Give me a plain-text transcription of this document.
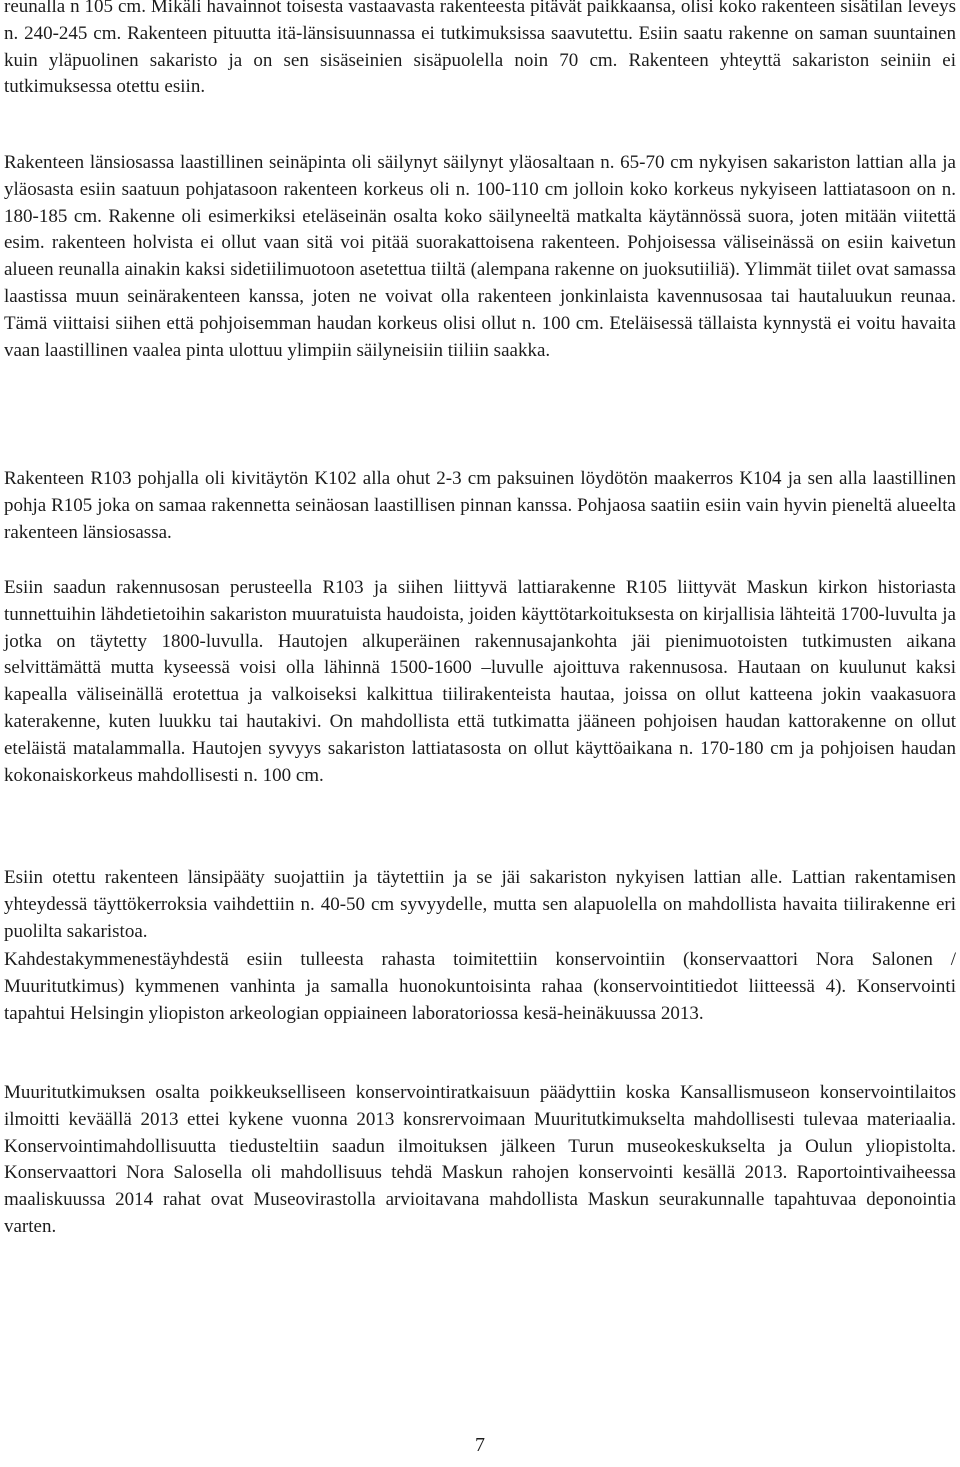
reunalla n 105 cm. Mikäli havainnot toisesta vastaavasta rakenteesta pitävät paikkaansa, olisi koko rakenteen sisätilan leveys n. 240-245 cm. Rakenteen pituutta itä-länsisuunnassa ei tutkimuksissa saavutettu. Esiin saatu rakenne on saman suuntainen kuin yläpuolinen sakaristo ja on sen sisäseinien sisäpuolella noin 70 cm. Rakenteen yhteyttä sakariston seiniin ei tutkimuksessa otettu esiin.

Rakenteen länsiosassa laastillinen seinäpinta oli säilynyt säilynyt yläosaltaan n. 65-70 cm nykyisen sakariston lattian alla ja yläosasta esiin saatuun pohjatasoon rakenteen korkeus oli n. 100-110 cm jolloin koko korkeus nykyiseen lattiatasoon on n. 180-185 cm. Rakenne oli esimerkiksi eteläseinän osalta koko säilyneeltä matkalta käytännössä suora, joten mitään viitettä esim. rakenteen holvista ei ollut vaan sitä voi pitää suorakattoisena rakenteen. Pohjoisessa väliseinässä on esiin kaivetun alueen reunalla ainakin kaksi sidetiilimuotoon asetettua tiiltä (alempana rakenne on juoksutiiliä). Ylimmät tiilet ovat samassa laastissa muun seinärakenteen kanssa, joten ne voivat olla rakenteen jonkinlaista kavennusosaa tai hautaluukun reunaa. Tämä viittaisi siihen että pohjoisemman haudan korkeus olisi ollut n. 100 cm. Eteläisessä tällaista kynnystä ei voitu havaita vaan laastillinen vaalea pinta ulottuu ylimpiin säilyneisiin tiiliin saakka.

Rakenteen R103 pohjalla oli kivitäytön K102 alla ohut 2-3 cm paksuinen löydötön maakerros K104 ja sen alla laastillinen pohja R105 joka on samaa rakennetta seinäosan laastillisen pinnan kanssa. Pohjaosa saatiin esiin vain hyvin pieneltä alueelta rakenteen länsiosassa.

Esiin saadun rakennusosan perusteella R103 ja siihen liittyvä lattiarakenne R105 liittyvät Maskun kirkon historiasta tunnettuihin lähdetietoihin sakariston muuratuista haudoista, joiden käyttötarkoituksesta on kirjallisia lähteitä 1700-luvulta ja jotka on täytetty 1800-luvulla. Hautojen alkuperäinen rakennusajankohta jäi pienimuotoisten tutkimusten aikana selvittämättä mutta kyseessä voisi olla lähinnä 1500-1600 –luvulle ajoittuva rakennusosa. Hautaan on kuulunut kaksi kapealla väliseinällä erotettua ja valkoiseksi kalkittua tiilirakenteista hautaa, joissa on ollut katteena jokin vaakasuora katerakenne, kuten luukku tai hautakivi. On mahdollista että tutkimatta jääneen pohjoisen haudan kattorakenne on ollut eteläistä matalammalla. Hautojen syvyys sakariston lattiatasosta on ollut käyttöaikana n. 170-180 cm ja pohjoisen haudan kokonaiskorkeus mahdollisesti n. 100 cm.

Esiin otettu rakenteen länsipääty suojattiin ja täytettiin ja se jäi sakariston nykyisen lattian alle. Lattian rakentamisen yhteydessä täyttökerroksia vaihdettiin n. 40-50 cm syvyydelle, mutta sen alapuolella on mahdollista havaita tiilirakenne eri puolilta sakaristoa.

Kahdestakymmenestäyhdestä esiin tulleesta rahasta toimitettiin konservointiin (konservaattori Nora Salonen / Muuritutkimus) kymmenen vanhinta ja samalla huonokuntoisinta rahaa (konservointitiedot liitteessä 4). Konservointi tapahtui Helsingin yliopiston arkeologian oppiaineen laboratoriossa kesä-heinäkuussa 2013.

Muuritutkimuksen osalta poikkeukselliseen konservointiratkaisuun päädyttiin koska Kansallismuseon konservointilaitos ilmoitti keväällä 2013 ettei kykene vuonna 2013 konsrervoimaan Muuritutkimukselta mahdollisesti tulevaa materiaalia. Konservointimahdollisuutta tiedusteltiin saadun ilmoituksen jälkeen Turun museokeskukselta ja Oulun yliopistolta. Konservaattori Nora Salosella oli mahdollisuus tehdä Maskun rahojen konservointi kesällä 2013. Raportointivaiheessa maaliskuussa 2014 rahat ovat Museovirastolla arvioitavana mahdollista Maskun seurakunnalle tapahtuvaa deponointia varten.

7
